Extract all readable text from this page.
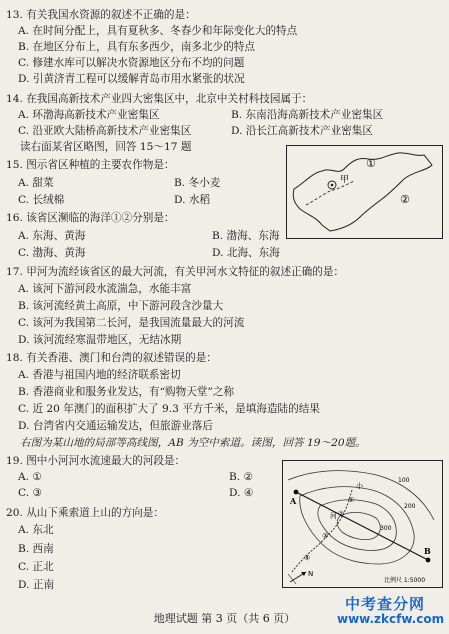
13. 有关我国水资源的叙述不正确的是：
A. 在时间分配上，具有夏秋多、冬春少和年际变化大的特点
B. 在地区分布上，具有东多西少，南多北少的特点
C. 修建水库可以解决水资源地区分布不均的问题
D. 引黄济青工程可以缓解青岛市用水紧张的状况
14. 在我国高新技术产业四大密集区中，北京中关村科技园属于：
A. 环渤海高新技术产业密集区	B. 东南沿海高新技术产业密集区
C. 沿亚欧大陆桥高新技术产业密集区	D. 沿长江高新技术产业密集区
读右面某省区略图，回答 15～17 题
15. 图示省区种植的主要农作物是：
A. 甜菜	B. 冬小麦
C. 长绒棉	D. 水稻
甲
①
②
16. 该省区濒临的海洋①②分别是：
A. 东海、黄海	B. 渤海、东海
C. 渤海、黄海	D. 北海、东海
17. 甲河为流经该省区的最大河流，有关甲河水文特征的叙述正确的是：
A. 该河下游河段水流湍急，水能丰富
B. 该河流经黄土高原，中下游河段含沙量大
C. 该河为我国第二长河，是我国流量最大的河流
D. 该河流经寒温带地区，无结冰期
18. 有关香港、澳门和台湾的叙述错误的是：
A. 香港与祖国内地的经济联系密切
B. 香港商业和服务业发达，有“购物天堂”之称
C. 近 20 年澳门的面积扩大了 9.3 平方千米，是填海造陆的结果
D. 台湾省内交通运输发达，但旅游业落后
右图为某山地的局部等高线图，AB 为空中索道。读图，回答 19～20题。
19. 图中小河河水流速最大的河段是：
A. ①	B. ②
C. ③	D. ④
20. 从山下乘索道上山的方向是：
A. 东北
B. 西南
C. 正北
D. 正南
A
B
100
200
300
小
河
①
②
③
④
N
比例尺 1:5000
地理试题 第 3 页（共 6 页）
中考查分网
www.zkcfw.com
